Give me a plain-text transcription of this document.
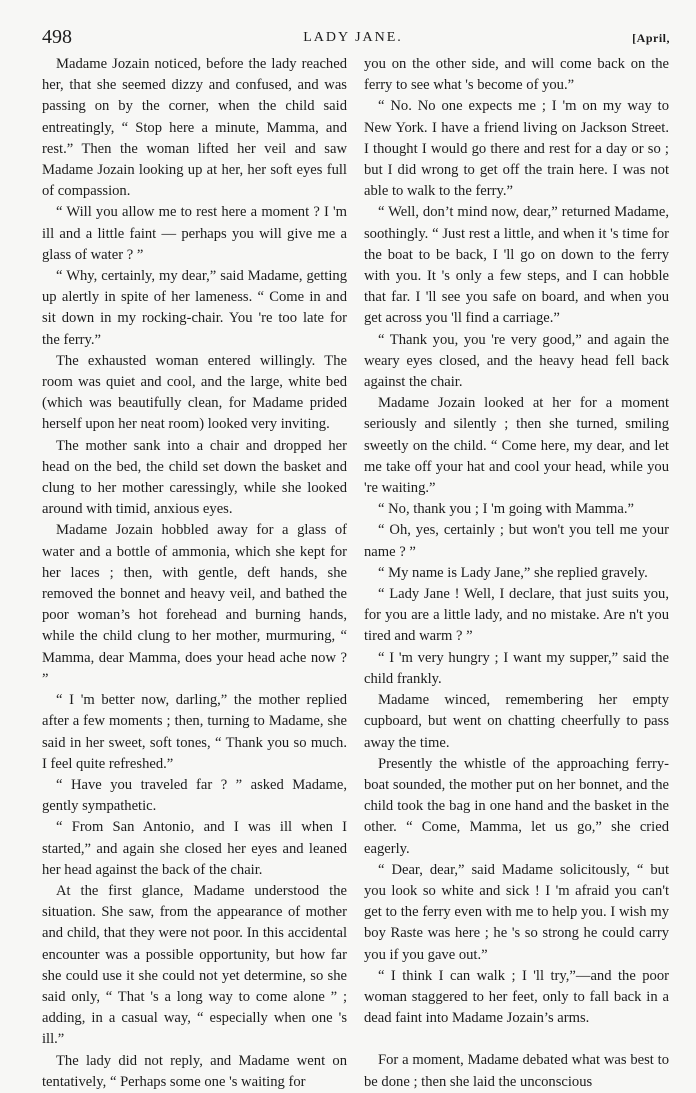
498	LADY JANE.	[April,

Madame Jozain noticed, before the lady reached her, that she seemed dizzy and confused, and was passing on by the corner, when the child said entreatingly, “ Stop here a minute, Mamma, and rest.” Then the woman lifted her veil and saw Madame Jozain looking up at her, her soft eyes full of compassion.

“ Will you allow me to rest here a moment ? I 'm ill and a little faint — perhaps you will give me a glass of water ? ”

“ Why, certainly, my dear,” said Madame, getting up alertly in spite of her lameness. “ Come in and sit down in my rocking-chair. You 're too late for the ferry.”

The exhausted woman entered willingly. The room was quiet and cool, and the large, white bed (which was beautifully clean, for Madame prided herself upon her neat room) looked very inviting.

The mother sank into a chair and dropped her head on the bed, the child set down the basket and clung to her mother caressingly, while she looked around with timid, anxious eyes.

Madame Jozain hobbled away for a glass of water and a bottle of ammonia, which she kept for her laces ; then, with gentle, deft hands, she removed the bonnet and heavy veil, and bathed the poor woman’s hot forehead and burning hands, while the child clung to her mother, murmuring, “ Mamma, dear Mamma, does your head ache now ? ”

“ I 'm better now, darling,” the mother replied after a few moments ; then, turning to Madame, she said in her sweet, soft tones, “ Thank you so much. I feel quite refreshed.”

“ Have you traveled far ? ” asked Madame, gently sympathetic.

“ From San Antonio, and I was ill when I started,” and again she closed her eyes and leaned her head against the back of the chair.

At the first glance, Madame understood the situation. She saw, from the appearance of mother and child, that they were not poor. In this accidental encounter was a possible opportunity, but how far she could use it she could not yet determine, so she said only, “ That 's a long way to come alone ” ; adding, in a casual way, “ especially when one 's ill.”

The lady did not reply, and Madame went on tentatively, “ Perhaps some one 's waiting for

you on the other side, and will come back on the ferry to see what 's become of you.”

“ No. No one expects me ; I 'm on my way to New York. I have a friend living on Jackson Street. I thought I would go there and rest for a day or so ; but I did wrong to get off the train here. I was not able to walk to the ferry.”

“ Well, don’t mind now, dear,” returned Madame, soothingly. “ Just rest a little, and when it 's time for the boat to be back, I 'll go on down to the ferry with you. It 's only a few steps, and I can hobble that far. I 'll see you safe on board, and when you get across you 'll find a carriage.”

“ Thank you, you 're very good,” and again the weary eyes closed, and the heavy head fell back against the chair.

Madame Jozain looked at her for a moment seriously and silently ; then she turned, smiling sweetly on the child. “ Come here, my dear, and let me take off your hat and cool your head, while you 're waiting.”

“ No, thank you ; I 'm going with Mamma.”

“ Oh, yes, certainly ; but won't you tell me your name ? ”

“ My name is Lady Jane,” she replied gravely.

“ Lady Jane ! Well, I declare, that just suits you, for you are a little lady, and no mistake. Are n't you tired and warm ? ”

“ I 'm very hungry ; I want my supper,” said the child frankly.

Madame winced, remembering her empty cupboard, but went on chatting cheerfully to pass away the time.

Presently the whistle of the approaching ferry-boat sounded, the mother put on her bonnet, and the child took the bag in one hand and the basket in the other. “ Come, Mamma, let us go,” she cried eagerly.

“ Dear, dear,” said Madame solicitously, “ but you look so white and sick ! I 'm afraid you can't get to the ferry even with me to help you. I wish my boy Raste was here ; he 's so strong he could carry you if you gave out.”

“ I think I can walk ; I 'll try,”—and the poor woman staggered to her feet, only to fall back in a dead faint into Madame Jozain’s arms.

For a moment, Madame debated what was best to be done ; then she laid the unconscious
